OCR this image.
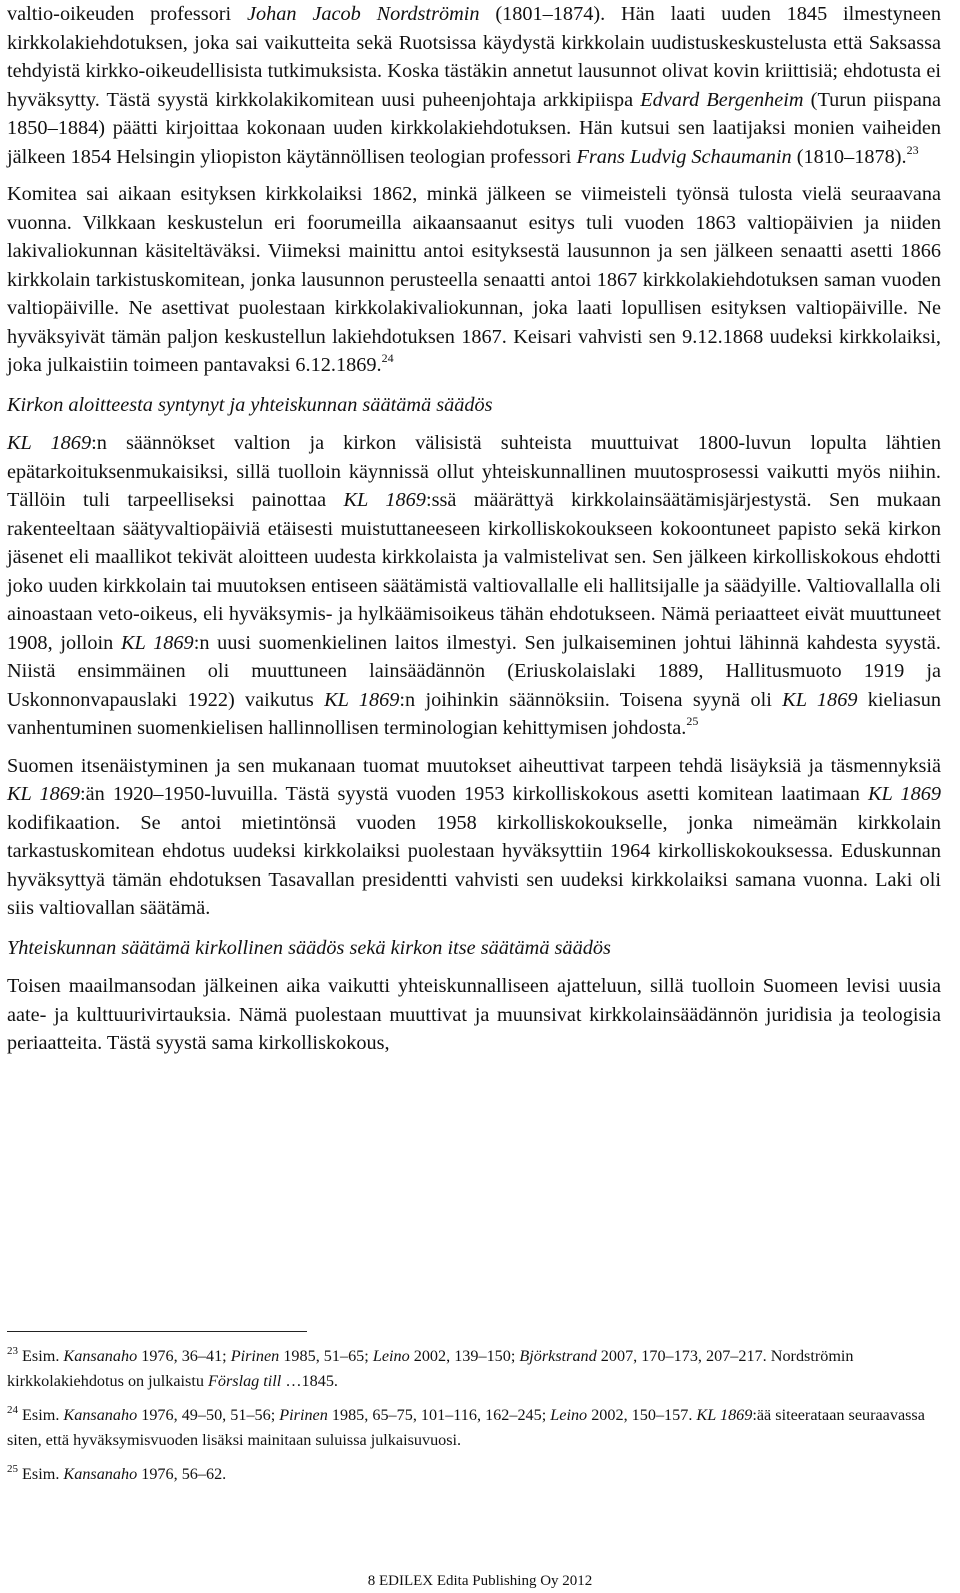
valtio-oikeuden professori Johan Jacob Nordströmin (1801–1874). Hän laati uuden 1845 ilmestyneen kirkkolakiehdotuksen, joka sai vaikutteita sekä Ruotsissa käydystä kirkkolain uudistuskeskustelusta että Saksassa tehdyistä kirkko-oikeudellisista tutkimuksista. Koska tästäkin annetut lausunnot olivat kovin kriittisiä; ehdotusta ei hyväksytty. Tästä syystä kirkkolakikomitean uusi puheenjohtaja arkkipiispa Edvard Bergenheim (Turun piispana 1850–1884) päätti kirjoittaa kokonaan uuden kirkkolakiehdotuksen. Hän kutsui sen laatijaksi monien vaiheiden jälkeen 1854 Helsingin yliopiston käytännöllisen teologian professori Frans Ludvig Schaumanin (1810–1878).$^{23}$

Komitea sai aikaan esityksen kirkkolaiksi 1862, minkä jälkeen se viimeisteli työnsä tulosta vielä seuraavana vuonna. Vilkkaan keskustelun eri foorumeilla aikaansaanut esitys tuli vuoden 1863 valtiopäivien ja niiden lakivaliokunnan käsiteltäväksi. Viimeksi mainittu antoi esityksestä lausunnon ja sen jälkeen senaatti asetti 1866 kirkkolain tarkistuskomitean, jonka lausunnon perusteella senaatti antoi 1867 kirkkolakiehdotuksen saman vuoden valtiopäiville. Ne asettivat puolestaan kirkkolakivaliokunnan, joka laati lopullisen esityksen valtiopäiville. Ne hyväksyivät tämän paljon keskustellun lakiehdotuksen 1867. Keisari vahvisti sen 9.12.1868 uudeksi kirkkolaiksi, joka julkaistiin toimeen pantavaksi 6.12.1869.24

Kirkon aloitteesta syntynyt ja yhteiskunnan säätämä säädös

KL 1869:n säännökset valtion ja kirkon välisistä suhteista muuttuivat 1800-luvun lopulta lähtien epätarkoituksenmukaisiksi, sillä tuolloin käynnissä ollut yhteiskunnallinen muutosprosessi vaikutti myös niihin. Tällöin tuli tarpeelliseksi painottaa KL 1869:ssä määrättyä kirkkolainsäätämisjärjestystä. Sen mukaan rakenteeltaan säätyvaltiopäiviä etäisesti muistuttaneeseen kirkolliskokoukseen kokoontuneet papisto sekä kirkon jäsenet eli maallikot tekivät aloitteen uudesta kirkkolaista ja valmistelivat sen. Sen jälkeen kirkolliskokous ehdotti joko uuden kirkkolain tai muutoksen entiseen säätämistä valtiovallalle eli hallitsijalle ja säädyille. Valtiovallalla oli ainoastaan veto-oikeus, eli hyväksymis- ja hylkäämisoikeus tähän ehdotukseen. Nämä periaatteet eivät muuttuneet 1908, jolloin KL 1869:n uusi suomenkielinen laitos ilmestyi. Sen julkaiseminen johtui lähinnä kahdesta syystä. Niistä ensimmäinen oli muuttuneen lainsäädännön (Eriuskolaislaki 1889, Hallitusmuoto 1919 ja Uskonnonvapauslaki 1922) vaikutus KL 1869:n joihinkin säännöksiin. Toisena syynä oli KL 1869 kieliasun vanhentuminen suomenkielisen hallinnollisen terminologian kehittymisen johdosta.$^{25}$

Suomen itsenäistyminen ja sen mukanaan tuomat muutokset aiheuttivat tarpeen tehdä lisäyksiä ja täsmennyksiä KL 1869:än 1920–1950-luvuilla. Tästä syystä vuoden 1953 kirkolliskokous asetti komitean laatimaan KL 1869 kodifikaation. Se antoi mietintönsä vuoden 1958 kirkolliskokoukselle, jonka nimeämän kirkkolain tarkastuskomitean ehdotus uudeksi kirkkolaiksi puolestaan hyväksyttiin 1964 kirkolliskokouksessa. Eduskunnan hyväksyttyä tämän ehdotuksen Tasavallan presidentti vahvisti sen uudeksi kirkkolaiksi samana vuonna. Laki oli siis valtiovallan säätämä.

Yhteiskunnan säätämä kirkollinen säädös sekä kirkon itse säätämä säädös

Toisen maailmansodan jälkeinen aika vaikutti yhteiskunnalliseen ajatteluun, sillä tuolloin Suomeen levisi uusia aate- ja kulttuurivirtauksia. Nämä puolestaan muuttivat ja muunsivat kirkkolainsäädännön juridisia ja teologisia periaatteita. Tästä syystä sama kirkolliskokous,

$^{23}$ Esim. Kansanaho 1976, 36–41; Pirinen 1985, 51–65; Leino 2002, 139–150; Björkstrand 2007, 170–173, 207–217. Nordströmin kirkkolakiehdotus on julkaistu Förslag till …1845.

$^{24}$ Esim. Kansanaho 1976, 49–50, 51–56; Pirinen 1985, 65–75, 101–116, 162–245; Leino 2002, 150–157. KL 1869:ää siteerataan seuraavassa siten, että hyväksymisvuoden lisäksi mainitaan suluissa julkaisuvuosi.

$^{25}$ Esim. Kansanaho 1976, 56–62.

8 EDILEX Edita Publishing Oy 2012
